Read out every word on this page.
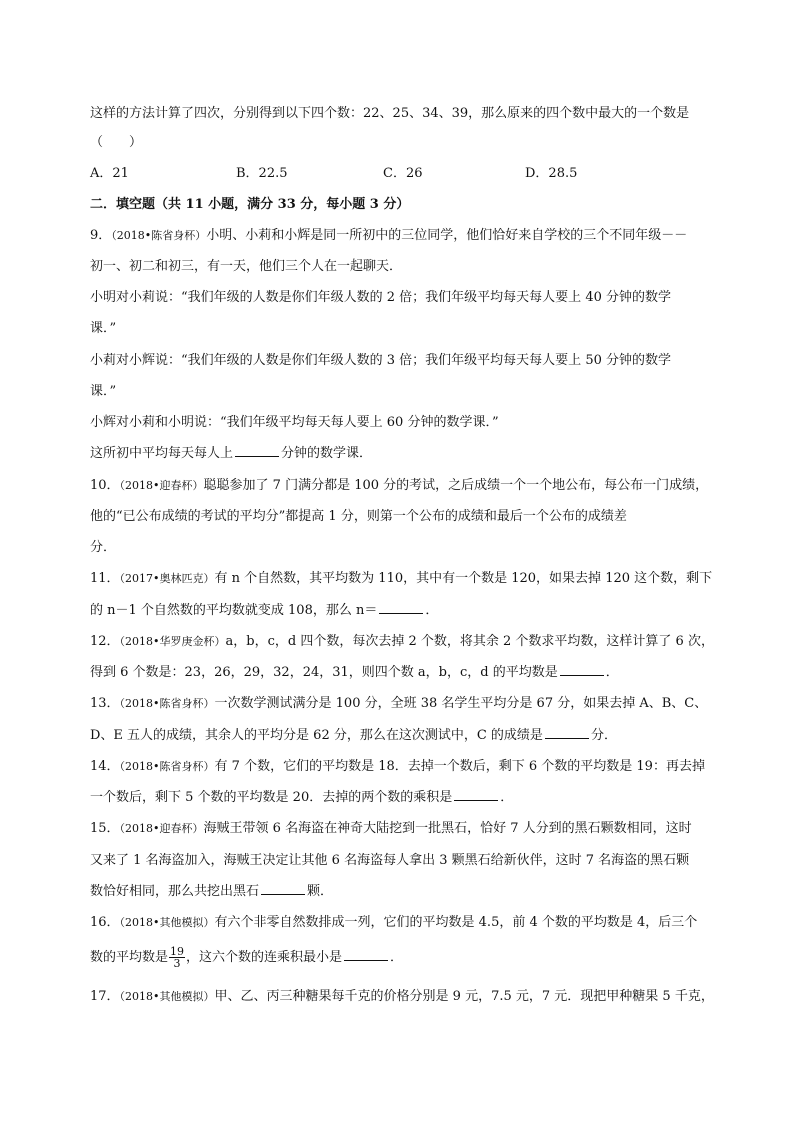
这样的方法计算了四次，分别得到以下四个数：22、25、34、39，那么原来的四个数中最大的一个数是
（　　）
A．21	B．22.5	C．26	D．28.5
二．填空题（共 11 小题，满分 33 分，每小题 3 分）
9．（2018•陈省身杯）小明、小莉和小辉是同一所初中的三位同学，他们恰好来自学校的三个不同年级－－
初一、初二和初三，有一天，他们三个人在一起聊天．
小明对小莉说：“我们年级的人数是你们年级人数的 2 倍；我们年级平均每天每人要上 40 分钟的数学
课．”
小莉对小辉说：“我们年级的人数是你们年级人数的 3 倍；我们年级平均每天每人要上 50 分钟的数学
课．”
小辉对小莉和小明说：“我们年级平均每天每人要上 60 分钟的数学课．”
这所初中平均每天每人上	分钟的数学课．
10．（2018•迎春杯）聪聪参加了 7 门满分都是 100 分的考试，之后成绩一个一个地公布，每公布一门成绩，
他的“已公布成绩的考试的平均分”都提高 1 分，则第一个公布的成绩和最后一个公布的成绩差
分．
11．（2017•奥林匹克）有 n 个自然数，其平均数为 110，其中有一个数是 120，如果去掉 120 这个数，剩下
的 n－1 个自然数的平均数就变成 108，那么 n＝	．
12．（2018•华罗庚金杯）a，b，c，d 四个数，每次去掉 2 个数，将其余 2 个数求平均数，这样计算了 6 次，
得到 6 个数是：23，26，29，32，24，31，则四个数 a，b，c，d 的平均数是	．
13．（2018•陈省身杯）一次数学测试满分是 100 分，全班 38 名学生平均分是 67 分，如果去掉 A、B、C、
D、E 五人的成绩，其余人的平均分是 62 分，那么在这次测试中，C 的成绩是	分．
14．（2018•陈省身杯）有 7 个数，它们的平均数是 18．去掉一个数后，剩下 6 个数的平均数是 19：再去掉
一个数后，剩下 5 个数的平均数是 20．去掉的两个数的乘积是	．
15．（2018•迎春杯）海贼王带领 6 名海盗在神奇大陆挖到一批黑石，恰好 7 人分到的黑石颗数相同，这时
又来了 1 名海盗加入，海贼王决定让其他 6 名海盗每人拿出 3 颗黑石给新伙伴，这时 7 名海盗的黑石颗
数恰好相同，那么共挖出黑石	颗．
16．（2018•其他模拟）有六个非零自然数排成一列，它们的平均数是 4.5，前 4 个数的平均数是 4，后三个
数的平均数是 $\frac{19}{3}$ ，这六个数的连乘积最小是	．
17．（2018•其他模拟）甲、乙、丙三种糖果每千克的价格分别是 9 元，7.5 元，7 元．现把甲种糖果 5 千克，
